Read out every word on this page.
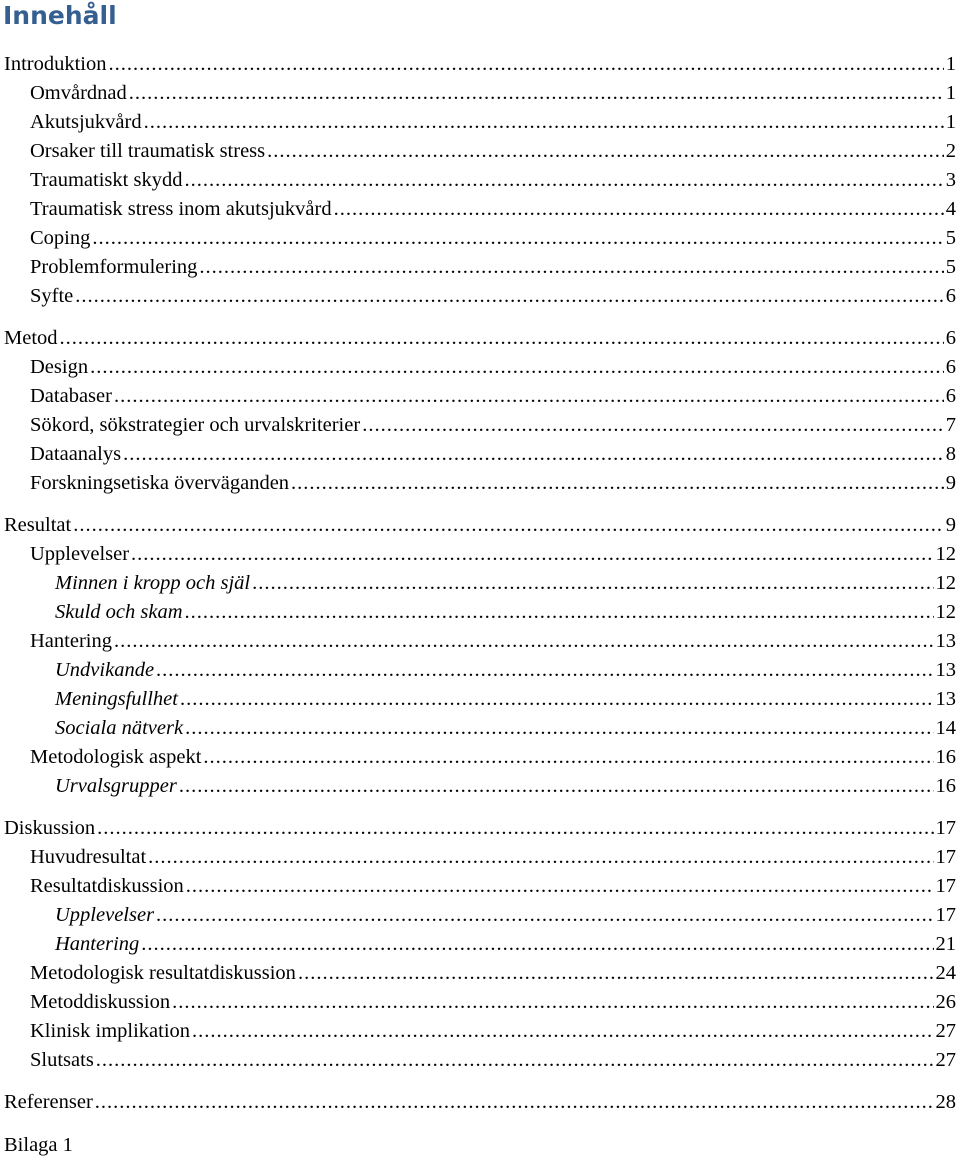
Innehåll
Introduktion .....	1
Omvårdnad .....	1
Akutsjukvård .....	1
Orsaker till traumatisk stress .....	2
Traumatiskt skydd .....	3
Traumatisk stress inom akutsjukvård .....	4
Coping .....	5
Problemformulering .....	5
Syfte .....	6
Metod .....	6
Design .....	6
Databaser .....	6
Sökord, sökstrategier och urvalskriterier .....	7
Dataanalys .....	8
Forskningsetiska överväganden .....	9
Resultat .....	9
Upplevelser .....	12
Minnen i kropp och själ .....	12
Skuld och skam .....	12
Hantering .....	13
Undvikande .....	13
Meningsfullhet .....	13
Sociala nätverk .....	14
Metodologisk aspekt .....	16
Urvalsgrupper .....	16
Diskussion .....	17
Huvudresultat .....	17
Resultatdiskussion .....	17
Upplevelser .....	17
Hantering .....	21
Metodologisk resultatdiskussion .....	24
Metoddiskussion .....	26
Klinisk implikation .....	27
Slutsats .....	27
Referenser .....	28
Bilaga 1
